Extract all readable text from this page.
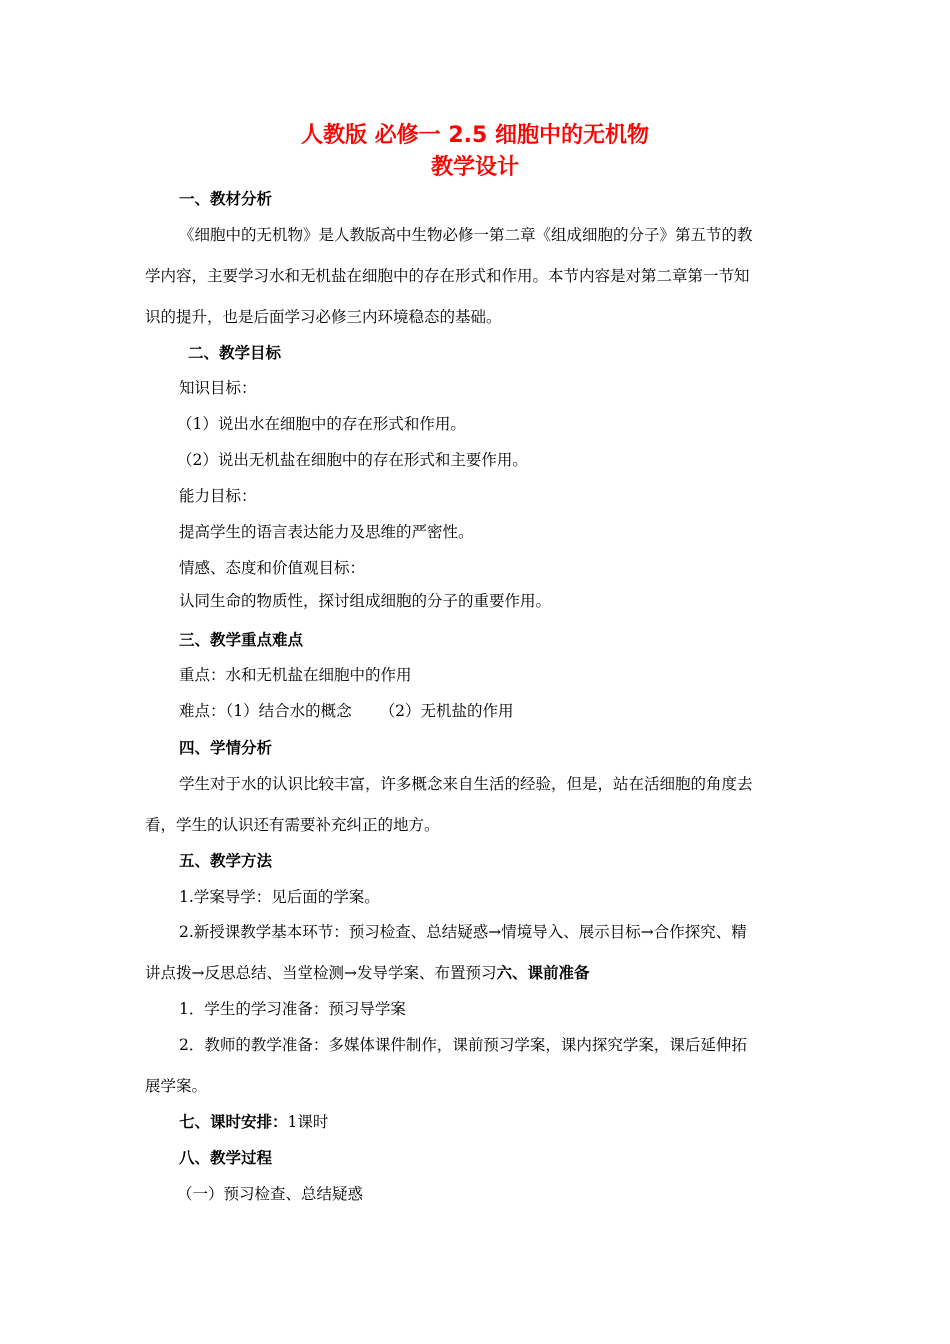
人教版 必修一 2.5 细胞中的无机物
教学设计
一、教材分析
《细胞中的无机物》是人教版高中生物必修一第二章《组成细胞的分子》第五节的教
学内容，主要学习水和无机盐在细胞中的存在形式和作用。本节内容是对第二章第一节知
识的提升，也是后面学习必修三内环境稳态的基础。
二、教学目标
知识目标：
（1）说出水在细胞中的存在形式和作用。
（2）说出无机盐在细胞中的存在形式和主要作用。
能力目标：
提高学生的语言表达能力及思维的严密性。
情感、态度和价值观目标：
认同生命的物质性，探讨组成细胞的分子的重要作用。
三、教学重点难点
重点：水和无机盐在细胞中的作用
难点：（1）结合水的概念 （2）无机盐的作用
四、学情分析
学生对于水的认识比较丰富，许多概念来自生活的经验，但是，站在活细胞的角度去
看，学生的认识还有需要补充纠正的地方。
五、教学方法
1.学案导学：见后面的学案。
2.新授课教学基本环节：预习检查、总结疑惑→情境导入、展示目标→合作探究、精
讲点拨→反思总结、当堂检测→发导学案、布置预习六、课前准备
1．学生的学习准备：预习导学案
2．教师的教学准备：多媒体课件制作，课前预习学案，课内探究学案，课后延伸拓
展学案。
七、课时安排：1课时
八、教学过程
（一）预习检查、总结疑惑
